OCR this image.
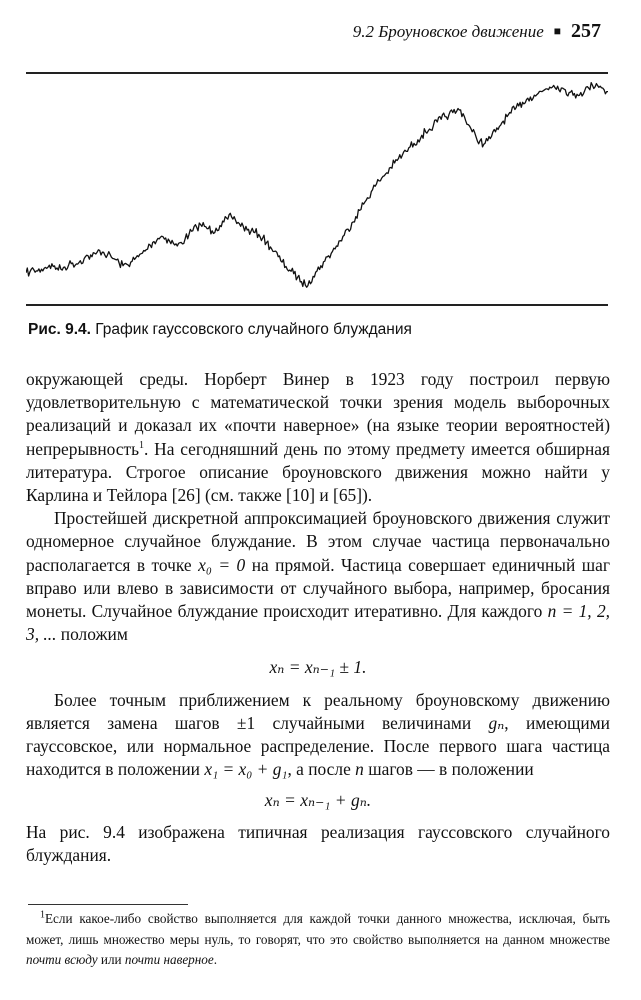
9.2 Броуновское движение ■ 257
Рис. 9.4. График гауссовского случайного блуждания

окружающей среды. Норберт Винер в 1923 году построил первую удовлетворительную с математической точки зрения модель выборочных реализаций и доказал их «почти наверное» (на языке теории вероятностей) непрерывность$^1$. На сегодняшний день по этому предмету имеется обширная литература. Строгое описание броуновского движения можно найти у Карлина и Тейлора [26] (см. также [10] и [65]).

Простейшей дискретной аппроксимацией броуновского движения служит одномерное случайное блуждание. В этом случае частица первоначально располагается в точке x₀ = 0 на прямой. Частица совершает единичный шаг вправо или влево в зависимости от случайного выбора, например, бросания монеты. Случайное блуждание происходит итеративно. Для каждого n = 1, 2, 3, ... положим

xₙ = xₙ₋₁ ± 1.

Более точным приближением к реальному броуновскому движению является замена шагов ±1 случайными величинами gₙ, имеющими гауссовское, или нормальное распределение. После первого шага частица находится в положении x₁ = x₀ + g₁, а после n шагов — в положении

xₙ = xₙ₋₁ + gₙ.

На рис. 9.4 изображена типичная реализация гауссовского случайного блуждания.

$^1$Если какое-либо свойство выполняется для каждой точки данного множества, исключая, быть может, лишь множество меры нуль, то говорят, что это свойство выполняется на данном множестве почти всюду или почти наверное.
